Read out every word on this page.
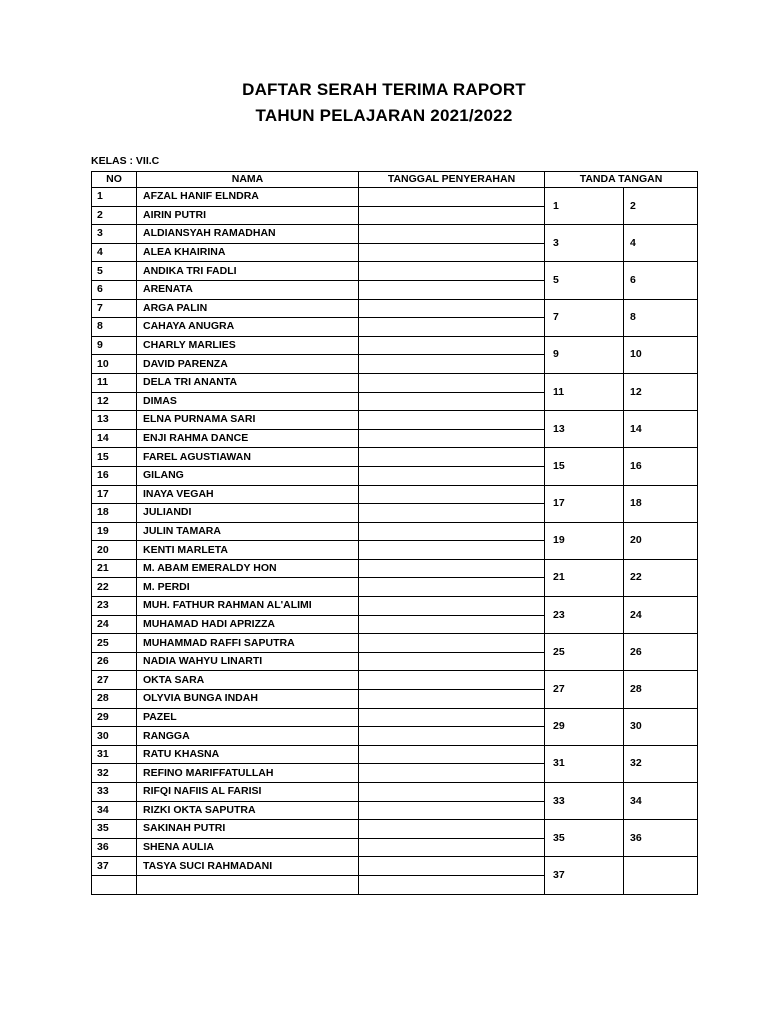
DAFTAR SERAH TERIMA RAPORT
TAHUN PELAJARAN 2021/2022
KELAS : VII.C
NO	NAMA	TANGGAL PENYERAHAN	TANDA TANGAN	
1	AFZAL HANIF ELNDRA		1	2
2	AIRIN PUTRI			
3	ALDIANSYAH RAMADHAN		3	4
4	ALEA KHAIRINA			
5	ANDIKA TRI FADLI		5	6
6	ARENATA			
7	ARGA PALIN		7	8
8	CAHAYA ANUGRA			
9	CHARLY MARLIES		9	10
10	DAVID PARENZA			
11	DELA TRI ANANTA		11	12
12	DIMAS			
13	ELNA PURNAMA SARI		13	14
14	ENJI RAHMA DANCE			
15	FAREL AGUSTIAWAN		15	16
16	GILANG			
17	INAYA VEGAH		17	18
18	JULIANDI			
19	JULIN TAMARA		19	20
20	KENTI MARLETA			
21	M. ABAM EMERALDY HON		21	22
22	M. PERDI			
23	MUH. FATHUR RAHMAN AL'ALIMI		23	24
24	MUHAMAD HADI APRIZZA			
25	MUHAMMAD RAFFI SAPUTRA		25	26
26	NADIA WAHYU LINARTI			
27	OKTA SARA		27	28
28	OLYVIA BUNGA INDAH			
29	PAZEL		29	30
30	RANGGA			
31	RATU KHASNA		31	32
32	REFINO MARIFFATULLAH			
33	RIFQI NAFIIS AL FARISI		33	34
34	RIZKI OKTA SAPUTRA			
35	SAKINAH PUTRI		35	36
36	SHENA AULIA			
37	TASYA SUCI RAHMADANI		37	
